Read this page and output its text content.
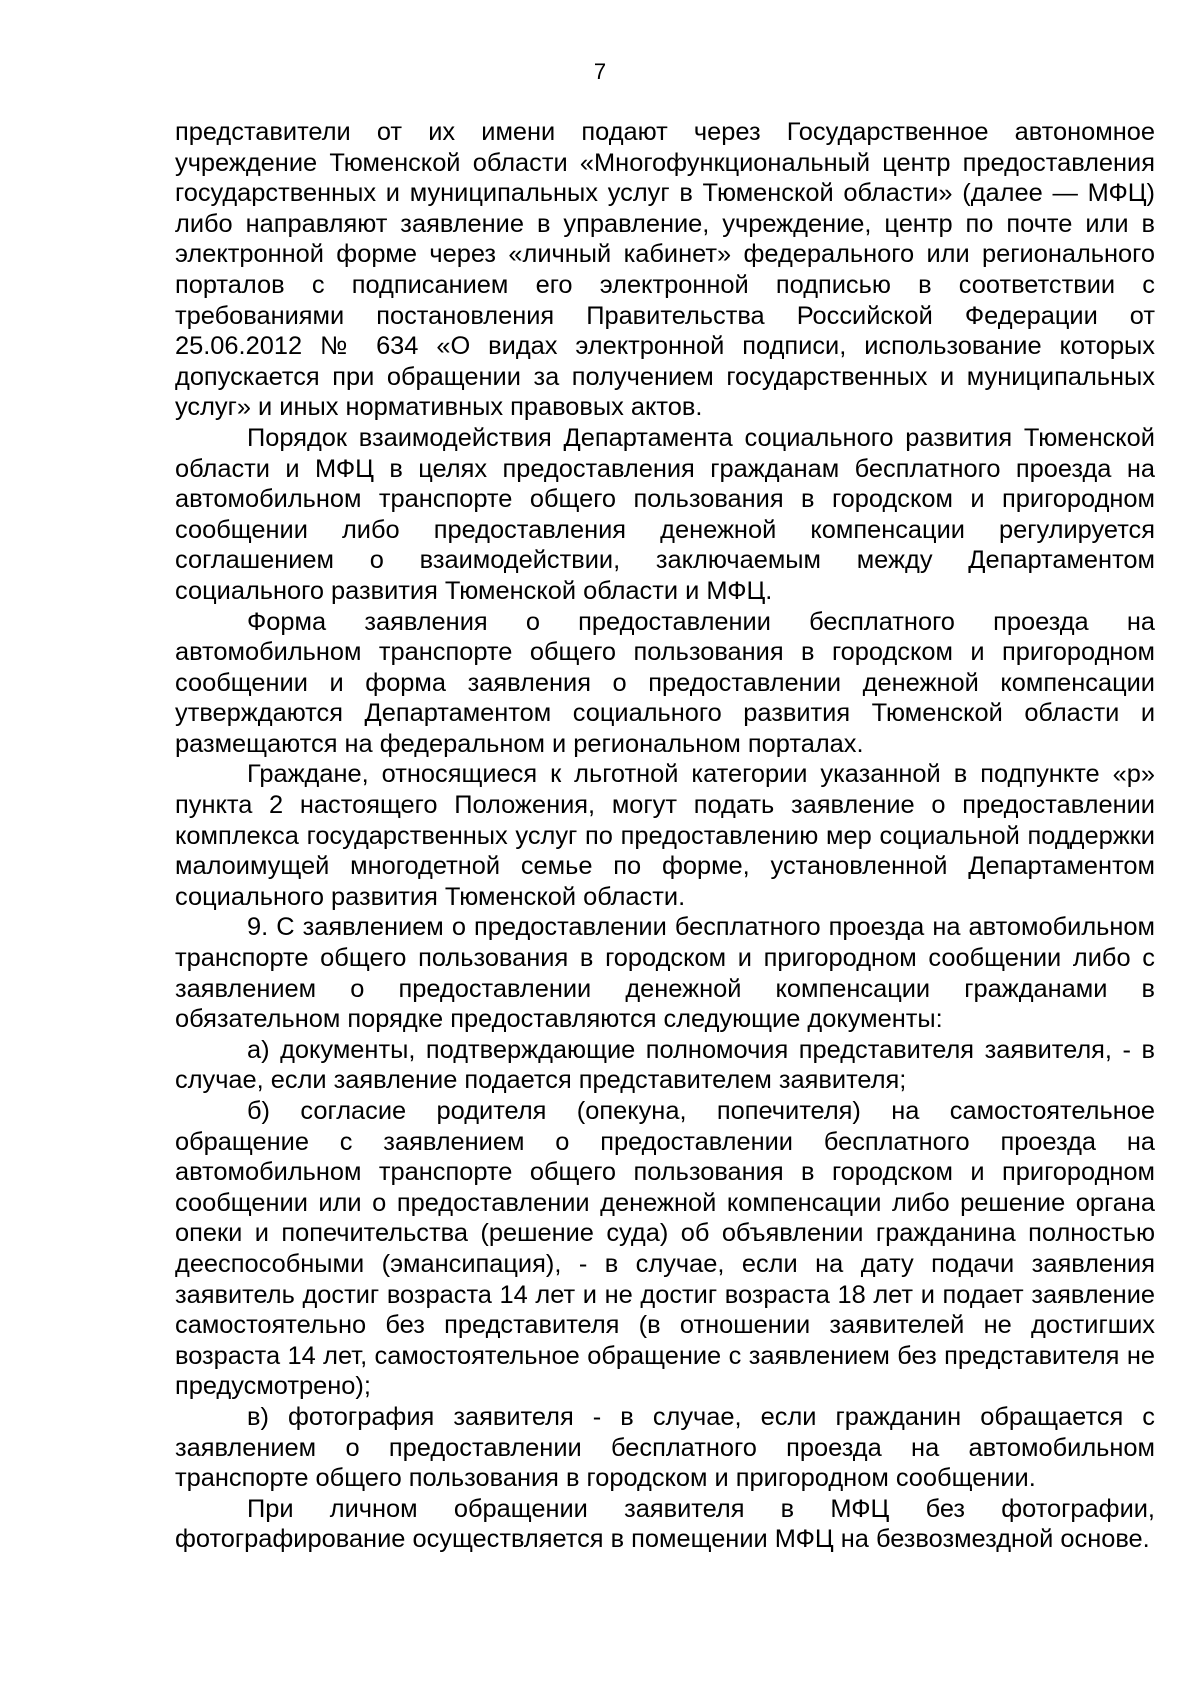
7

представители от их имени подают через Государственное автономное учреждение Тюменской области «Многофункциональный центр предоставления государственных и муниципальных услуг в Тюменской области» (далее — МФЦ) либо направляют заявление в управление, учреждение, центр по почте или в электронной форме через «личный кабинет» федерального или регионального порталов с подписанием его электронной подписью в соответствии с требованиями постановления Правительства Российской Федерации от 25.06.2012 № 634 «О видах электронной подписи, использование которых допускается при обращении за получением государственных и муниципальных услуг» и иных нормативных правовых актов.

Порядок взаимодействия Департамента социального развития Тюменской области и МФЦ в целях предоставления гражданам бесплатного проезда на автомобильном транспорте общего пользования в городском и пригородном сообщении либо предоставления денежной компенсации регулируется соглашением о взаимодействии, заключаемым между Департаментом социального развития Тюменской области и МФЦ.

Форма заявления о предоставлении бесплатного проезда на автомобильном транспорте общего пользования в городском и пригородном сообщении и форма заявления о предоставлении денежной компенсации утверждаются Департаментом социального развития Тюменской области и размещаются на федеральном и региональном порталах.

Граждане, относящиеся к льготной категории указанной в подпункте «р» пункта 2 настоящего Положения, могут подать заявление о предоставлении комплекса государственных услуг по предоставлению мер социальной поддержки малоимущей многодетной семье по форме, установленной Департаментом социального развития Тюменской области.

9. С заявлением о предоставлении бесплатного проезда на автомобильном транспорте общего пользования в городском и пригородном сообщении либо с заявлением о предоставлении денежной компенсации гражданами в обязательном порядке предоставляются следующие документы:

а) документы, подтверждающие полномочия представителя заявителя, - в случае, если заявление подается представителем заявителя;

б) согласие родителя (опекуна, попечителя) на самостоятельное обращение с заявлением о предоставлении бесплатного проезда на автомобильном транспорте общего пользования в городском и пригородном сообщении или о предоставлении денежной компенсации либо решение органа опеки и попечительства (решение суда) об объявлении гражданина полностью дееспособными (эмансипация), - в случае, если на дату подачи заявления заявитель достиг возраста 14 лет и не достиг возраста 18 лет и подает заявление самостоятельно без представителя (в отношении заявителей не достигших возраста 14 лет, самостоятельное обращение с заявлением без представителя не предусмотрено);

в) фотография заявителя - в случае, если гражданин обращается с заявлением о предоставлении бесплатного проезда на автомобильном транспорте общего пользования в городском и пригородном сообщении.

При личном обращении заявителя в МФЦ без фотографии, фотографирование осуществляется в помещении МФЦ на безвозмездной основе.
